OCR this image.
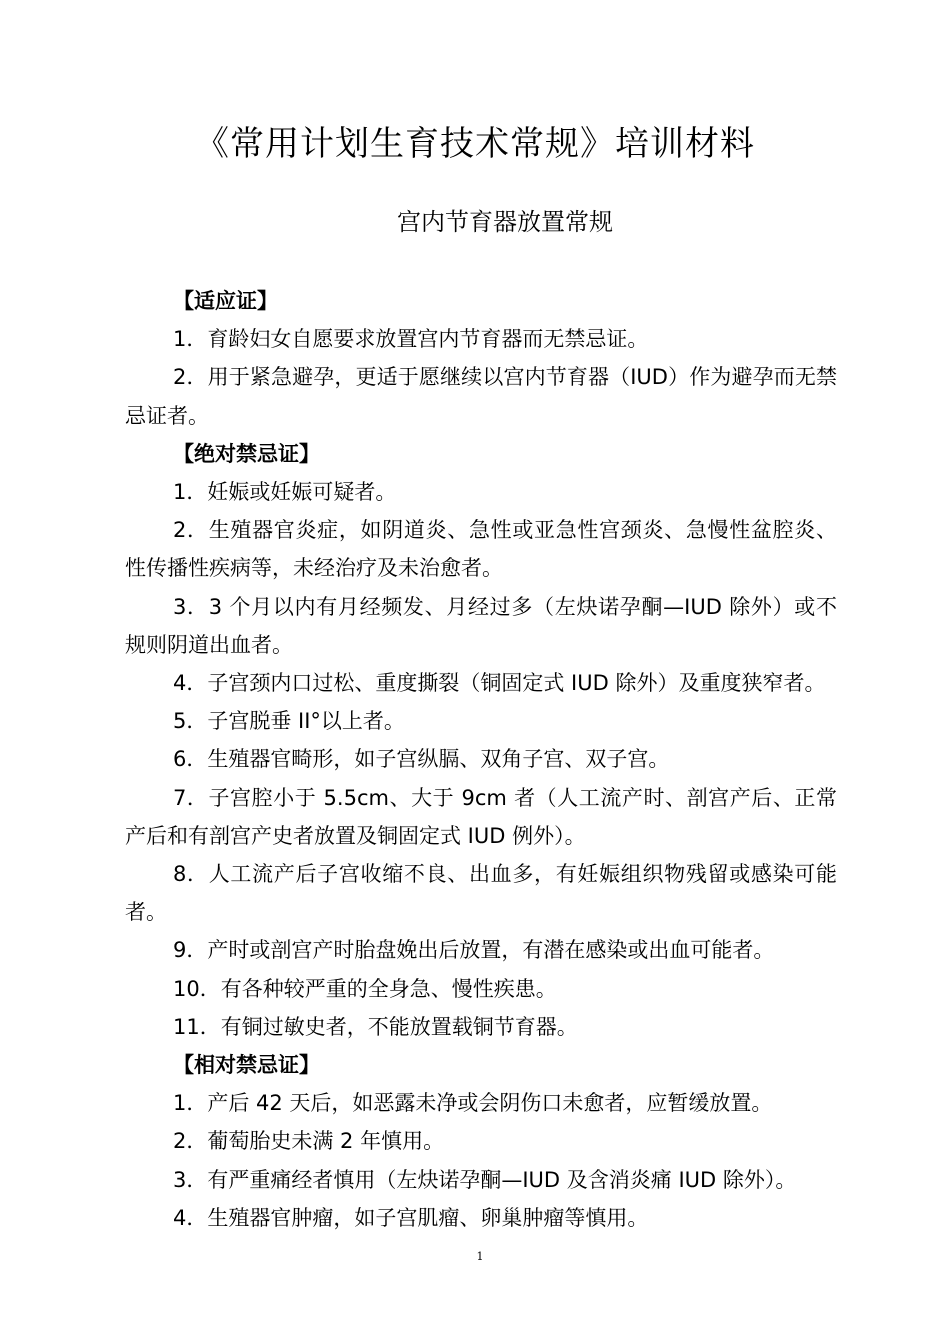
《常用计划生育技术常规》培训材料
宫内节育器放置常规
【适应证】
1．育龄妇女自愿要求放置宫内节育器而无禁忌证。
2．用于紧急避孕，更适于愿继续以宫内节育器（IUD）作为避孕而无禁忌证者。
【绝对禁忌证】
1．妊娠或妊娠可疑者。
2．生殖器官炎症，如阴道炎、急性或亚急性宫颈炎、急慢性盆腔炎、性传播性疾病等，未经治疗及未治愈者。
3．3 个月以内有月经频发、月经过多（左炔诺孕酮—IUD 除外）或不规则阴道出血者。
4．子宫颈内口过松、重度撕裂（铜固定式 IUD 除外）及重度狭窄者。
5．子宫脱垂 II°以上者。
6．生殖器官畸形，如子宫纵膈、双角子宫、双子宫。
7．子宫腔小于 5.5cm、大于 9cm 者（人工流产时、剖宫产后、正常产后和有剖宫产史者放置及铜固定式 IUD 例外）。
8．人工流产后子宫收缩不良、出血多，有妊娠组织物残留或感染可能者。
9．产时或剖宫产时胎盘娩出后放置，有潜在感染或出血可能者。
10．有各种较严重的全身急、慢性疾患。
11．有铜过敏史者，不能放置载铜节育器。
【相对禁忌证】
1．产后 42 天后，如恶露未净或会阴伤口未愈者，应暂缓放置。
2．葡萄胎史未满 2 年慎用。
3．有严重痛经者慎用（左炔诺孕酮—IUD 及含消炎痛 IUD 除外）。
4．生殖器官肿瘤，如子宫肌瘤、卵巢肿瘤等慎用。
1
